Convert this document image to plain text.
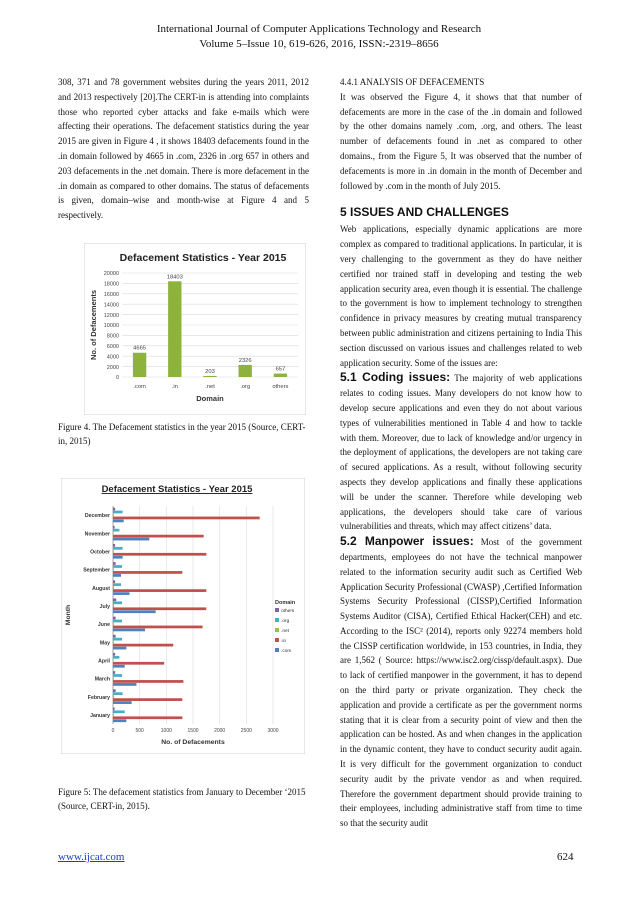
International Journal of Computer Applications Technology and Research
Volume 5–Issue 10, 619-626, 2016, ISSN:-2319–8656

308, 371 and 78 government websites during the years 2011, 2012 and 2013 respectively [20].The CERT-in is attending into complaints those who reported cyber attacks and fake e-mails which were affecting their operations. The defacement statistics during the year 2015 are given in Figure 4 , it shows 18403 defacements found in the .in domain followed by 4665 in .com, 2326 in .org 657 in others and 203 defacements in the .net domain. There is more defacement in the .in domain as compared to other domains. The status of defacements is given, domain–wise and month-wise at Figure 4 and 5 respectively.

Defacement Statistics - Year 2015
0
2000
4000
6000
8000
10000
12000
14000
16000
18000
20000
No. of Defacements	4665
.com
18403
.in
203
.net
2326
.org
657
others
Domain
Figure 4. The Defacement statistics in the year 2015 (Source, CERT-in, 2015)
Defacement Statistics - Year 2015
0	500	1000	1500	2000	2500	3000
No. of Defacements
Month
December
November
October
September
August
July
June
May
April
March
February
January
Domain
others
.org
.net
.in
.com
Figure 5: The defacement statistics from January to December ‘2015 (Source, CERT-in, 2015).

4.4.1 ANALYSIS OF DEFACEMENTS

It was observed the Figure 4, it shows that that number of defacements are more in the case of the .in domain and followed by the other domains namely .com, .org, and others. The least number of defacements found in .net as compared to other domains., from the Figure 5, It was observed that the number of defacements is more in .in domain in the month of December and followed by .com in the month of July 2015.

5 ISSUES AND CHALLENGES

Web applications, especially dynamic applications are more complex as compared to traditional applications. In particular, it is very challenging to the government as they do have neither certified nor trained staff in developing and testing the web application security area, even though it is essential. The challenge to the government is how to implement technology to strengthen confidence in privacy measures by creating mutual transparency between public administration and citizens pertaining to India This section discussed on various issues and challenges related to web application security. Some of the issues are:

5.1 Coding issues: The majority of web applications relates to coding issues. Many developers do not know how to develop secure applications and even they do not about various types of vulnerabilities mentioned in Table 4 and how to tackle with them. Moreover, due to lack of knowledge and/or urgency in the deployment of applications, the developers are not taking care of secured applications. As a result, without following security aspects they develop applications and finally these applications will be under the scanner. Therefore while developing web applications, the developers should take care of various vulnerabilities and threats, which may affect citizens’ data.

5.2 Manpower issues: Most of the government departments, employees do not have the technical manpower related to the information security audit such as Certified Web Application Security Professional (CWASP) ,Certified Information Systems Security Professional (CISSP),Certified Information Systems Auditor (CISA), Certified Ethical Hacker(CEH) and etc. According to the ISC² (2014), reports only 92274 members hold the CISSP certification worldwide, in 153 countries, in India, they are 1,562 ( Source: https://www.isc2.org/cissp/default.aspx). Due to lack of certified manpower in the government, it has to depend on the third party or private organization. They check the application and provide a certificate as per the government norms stating that it is clear from a security point of view and then the application can be hosted. As and when changes in the application in the dynamic content, they have to conduct security audit again. It is very difficult for the government organization to conduct security audit by the private vendor as and when required. Therefore the government department should provide training to their employees, including administrative staff from time to time so that the security audit

www.ijcat.com	624
